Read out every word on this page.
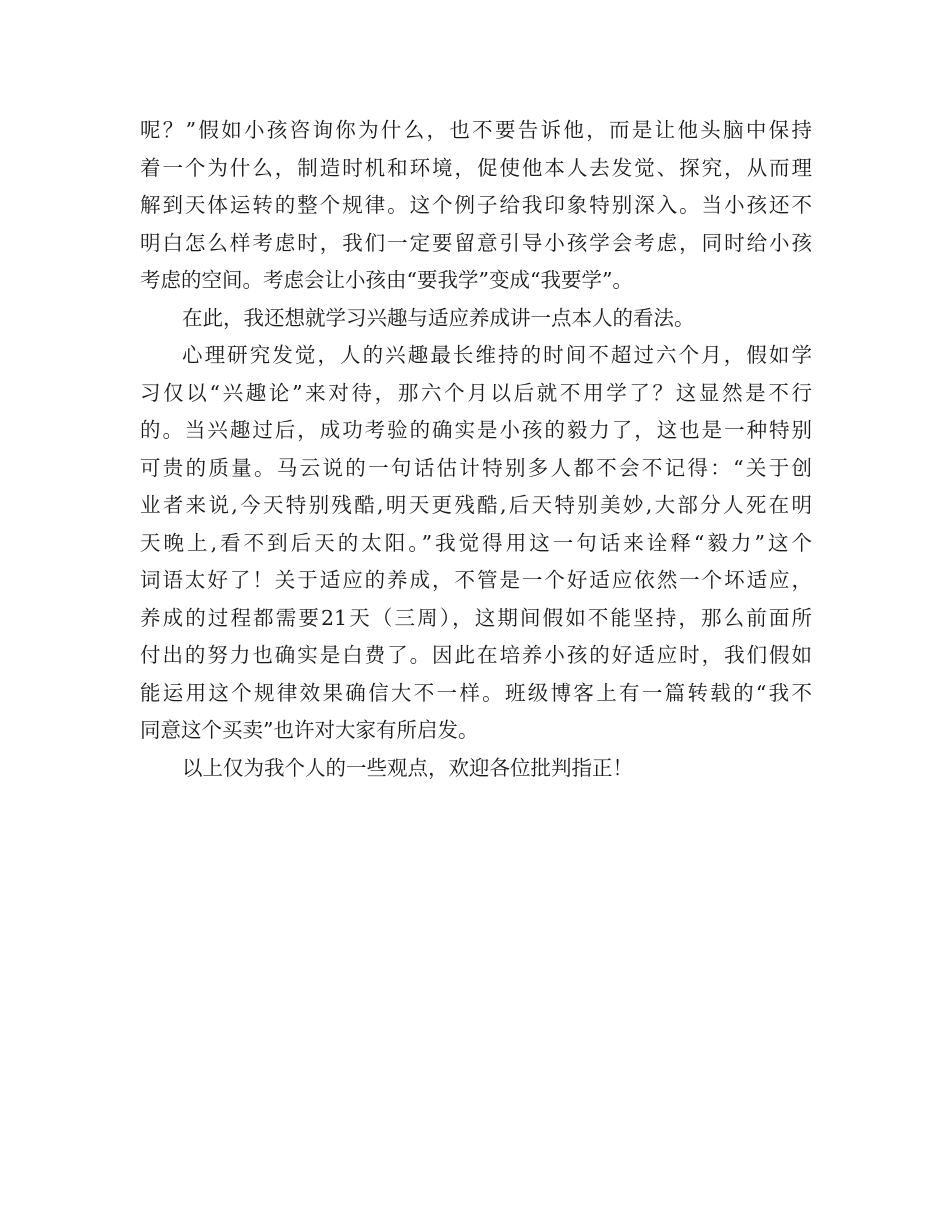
呢？”假如小孩咨询你为什么，也不要告诉他，而是让他头脑中保持
着一个为什么，制造时机和环境，促使他本人去发觉、探究，从而理
解到天体运转的整个规律。这个例子给我印象特别深入。当小孩还不
明白怎么样考虑时，我们一定要留意引导小孩学会考虑，同时给小孩
考虑的空间。考虑会让小孩由“要我学”变成“我要学”。
在此，我还想就学习兴趣与适应养成讲一点本人的看法。
心理研究发觉，人的兴趣最长维持的时间不超过六个月，假如学
习仅以“兴趣论”来对待，那六个月以后就不用学了？这显然是不行
的。当兴趣过后，成功考验的确实是小孩的毅力了，这也是一种特别
可贵的质量。马云说的一句话估计特别多人都不会不记得：“关于创
业者来说,今天特别残酷,明天更残酷,后天特别美妙,大部分人死在明
天晚上,看不到后天的太阳。”我觉得用这一句话来诠释“毅力”这个
词语太好了！关于适应的养成，不管是一个好适应依然一个坏适应，
养成的过程都需要21天（三周），这期间假如不能坚持，那么前面所
付出的努力也确实是白费了。因此在培养小孩的好适应时，我们假如
能运用这个规律效果确信大不一样。班级博客上有一篇转载的“我不
同意这个买卖”也许对大家有所启发。
以上仅为我个人的一些观点，欢迎各位批判指正！
